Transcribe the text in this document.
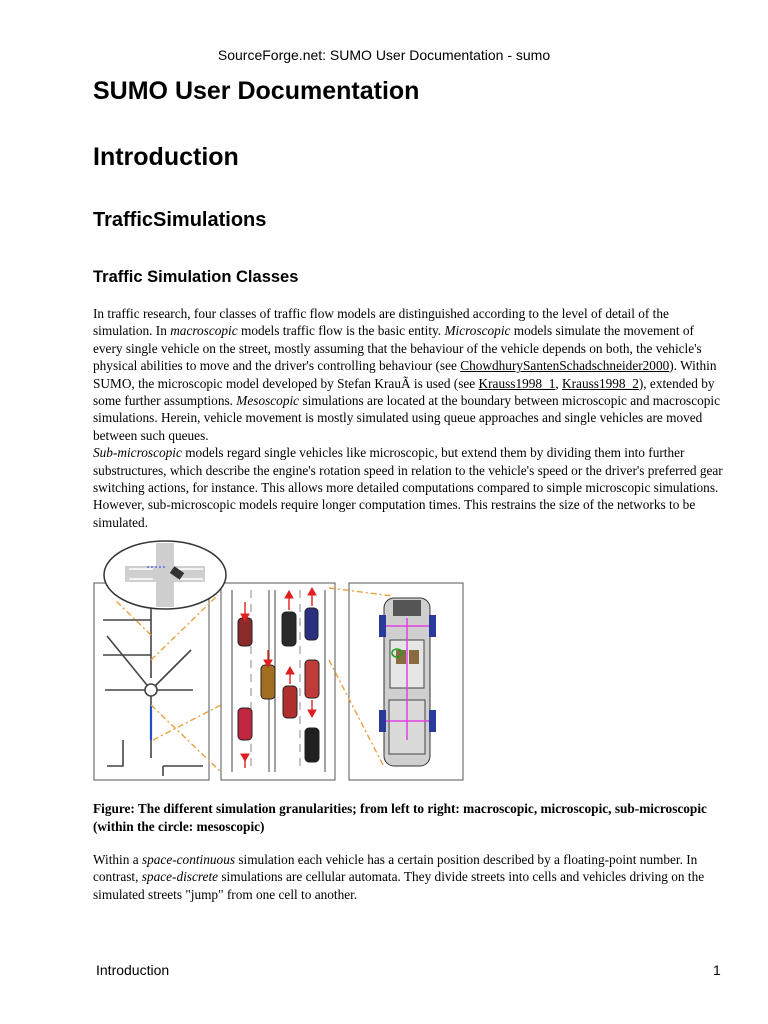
SourceForge.net: SUMO User Documentation - sumo
SUMO User Documentation
Introduction
TrafficSimulations
Traffic Simulation Classes

In traffic research, four classes of traffic flow models are distinguished according to the level of detail of the simulation. In macroscopic models traffic flow is the basic entity. Microscopic models simulate the movement of every single vehicle on the street, mostly assuming that the behaviour of the vehicle depends on both, the vehicle's physical abilities to move and the driver's controlling behaviour (see ChowdhurySantenSchadschneider2000). Within SUMO, the microscopic model developed by Stefan KrauÃ is used (see Krauss1998_1, Krauss1998_2), extended by some further assumptions. Mesoscopic simulations are located at the boundary between microscopic and macroscopic simulations. Herein, vehicle movement is mostly simulated using queue approaches and single vehicles are moved between such queues.

Sub-microscopic models regard single vehicles like microscopic, but extend them by dividing them into further substructures, which describe the engine's rotation speed in relation to the vehicle's speed or the driver's preferred gear switching actions, for instance. This allows more detailed computations compared to simple microscopic simulations. However, sub-microscopic models require longer computation times. This restrains the size of the networks to be simulated.

Figure: The different simulation granularities; from left to right: macroscopic, microscopic, sub-microscopic (within the circle: mesoscopic)

Within a space-continuous simulation each vehicle has a certain position described by a floating-point number. In contrast, space-discrete simulations are cellular automata. They divide streets into cells and vehicles driving on the simulated streets "jump" from one cell to another.

Introduction	1
